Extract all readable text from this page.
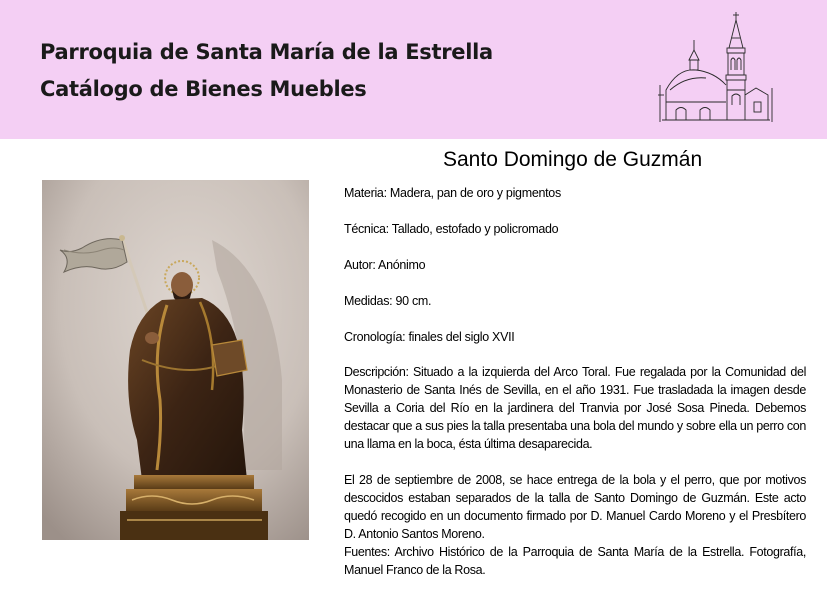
Parroquia de Santa María de la Estrella
Catálogo de Bienes Muebles
Santo Domingo de Guzmán
Materia: Madera, pan de oro y pigmentos
Técnica: Tallado, estofado y policromado
Autor: Anónimo
Medidas: 90 cm.
Cronología: finales del siglo XVII
Descripción: Situado a la izquierda del Arco Toral. Fue regalada por la Comunidad del Monasterio de Santa Inés de Sevilla, en el año 1931. Fue trasladada la imagen desde Sevilla a Coria del Río en la jardinera del Tranvia por José Sosa Pineda. Debemos destacar que a sus pies la talla presentaba una bola del mundo y sobre ella un perro con una llama en la boca, ésta última desaparecida.
El 28 de septiembre de 2008, se hace entrega de la bola y el perro, que por motivos descocidos estaban separados de la talla de Santo Domingo de Guzmán. Este acto quedó recogido en un documento firmado por D. Manuel Cardo Moreno y el Presbítero D. Antonio Santos Moreno.
Fuentes: Archivo Histórico de la Parroquia de Santa María de la Estrella. Fotografía, Manuel Franco de la Rosa.
